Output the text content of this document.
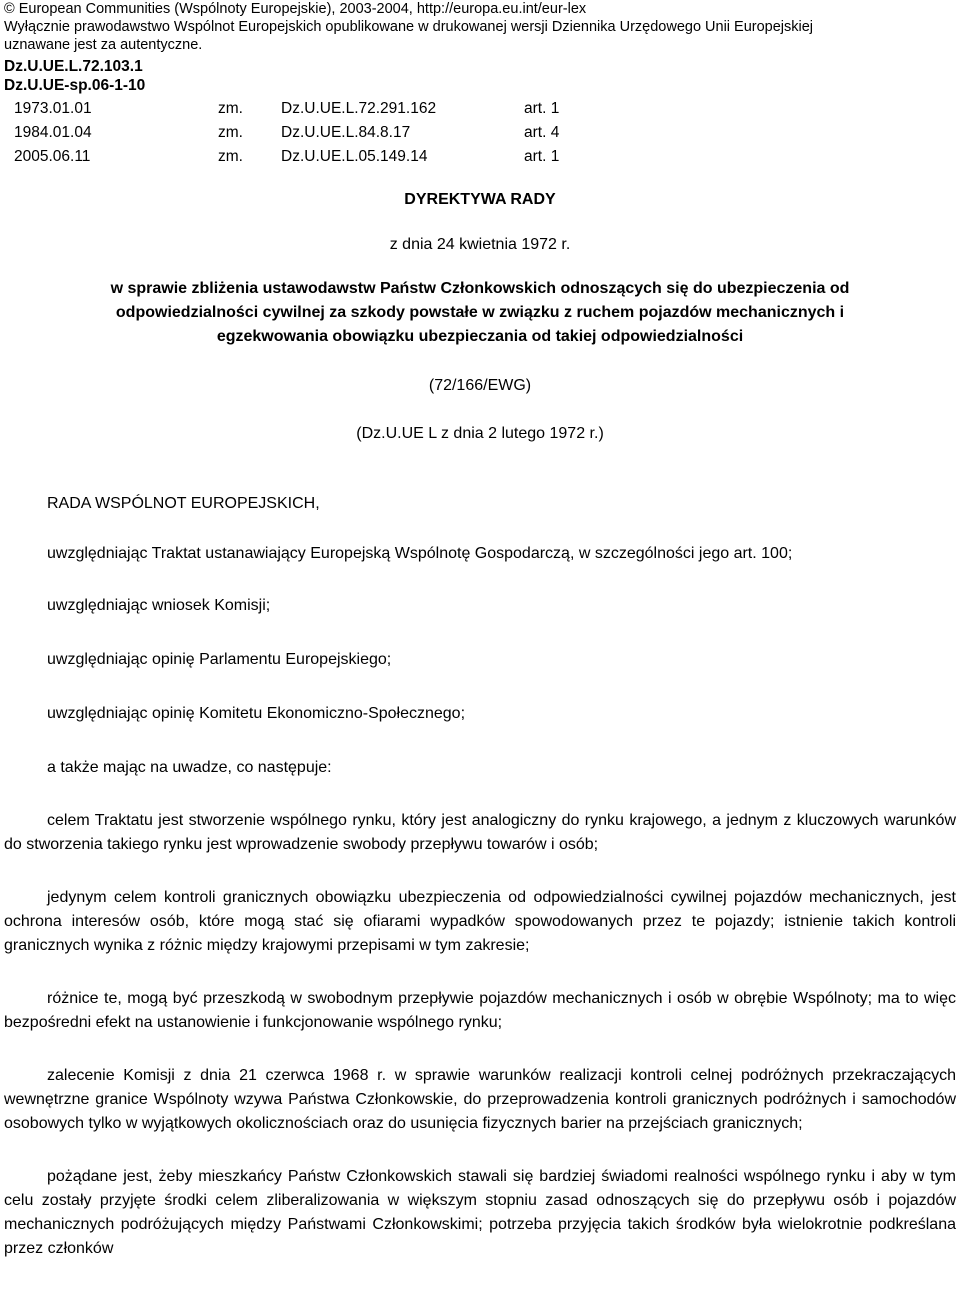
© European Communities (Wspólnoty Europejskie), 2003-2004, http://europa.eu.int/eur-lex
Wyłącznie prawodawstwo Wspólnot Europejskich opublikowane w drukowanej wersji Dziennika Urzędowego Unii Europejskiej
uznawane jest za autentyczne.
Dz.U.UE.L.72.103.1
Dz.U.UE-sp.06-1-10
1973.01.01	zm. Dz.U.UE.L.72.291.162	art. 1
1984.01.04	zm. Dz.U.UE.L.84.8.17	art. 4
2005.06.11	zm. Dz.U.UE.L.05.149.14	art. 1
DYREKTYWA RADY
z dnia 24 kwietnia 1972 r.
w sprawie zbliżenia ustawodawstw Państw Członkowskich odnoszących się do ubezpieczenia od
odpowiedzialności cywilnej za szkody powstałe w związku z ruchem pojazdów mechanicznych i
egzekwowania obowiązku ubezpieczania od takiej odpowiedzialności
(72/166/EWG)
(Dz.U.UE L z dnia 2 lutego 1972 r.)
RADA WSPÓLNOT EUROPEJSKICH,
uwzględniając Traktat ustanawiający Europejską Wspólnotę Gospodarczą, w szczególności jego art. 100;
uwzględniając wniosek Komisji;
uwzględniając opinię Parlamentu Europejskiego;
uwzględniając opinię Komitetu Ekonomiczno-Społecznego;
a także mając na uwadze, co następuje:
celem Traktatu jest stworzenie wspólnego rynku, który jest analogiczny do rynku krajowego, a jednym z kluczowych warunków do stworzenia takiego rynku jest wprowadzenie swobody przepływu towarów i osób;
jedynym celem kontroli granicznych obowiązku ubezpieczenia od odpowiedzialności cywilnej pojazdów mechanicznych, jest ochrona interesów osób, które mogą stać się ofiarami wypadków spowodowanych przez te pojazdy; istnienie takich kontroli granicznych wynika z różnic między krajowymi przepisami w tym zakresie;
różnice te, mogą być przeszkodą w swobodnym przepływie pojazdów mechanicznych i osób w obrębie Wspólnoty; ma to więc bezpośredni efekt na ustanowienie i funkcjonowanie wspólnego rynku;
zalecenie Komisji z dnia 21 czerwca 1968 r. w sprawie warunków realizacji kontroli celnej podróżnych przekraczających wewnętrzne granice Wspólnoty wzywa Państwa Członkowskie, do przeprowadzenia kontroli granicznych podróżnych i samochodów osobowych tylko w wyjątkowych okolicznościach oraz do usunięcia fizycznych barier na przejściach granicznych;
pożądane jest, żeby mieszkańcy Państw Członkowskich stawali się bardziej świadomi realności wspólnego rynku i aby w tym celu zostały przyjęte środki celem zliberalizowania w większym stopniu zasad odnoszących się do przepływu osób i pojazdów mechanicznych podróżujących między Państwami Członkowskimi; potrzeba przyjęcia takich środków była wielokrotnie podkreślana przez członków
